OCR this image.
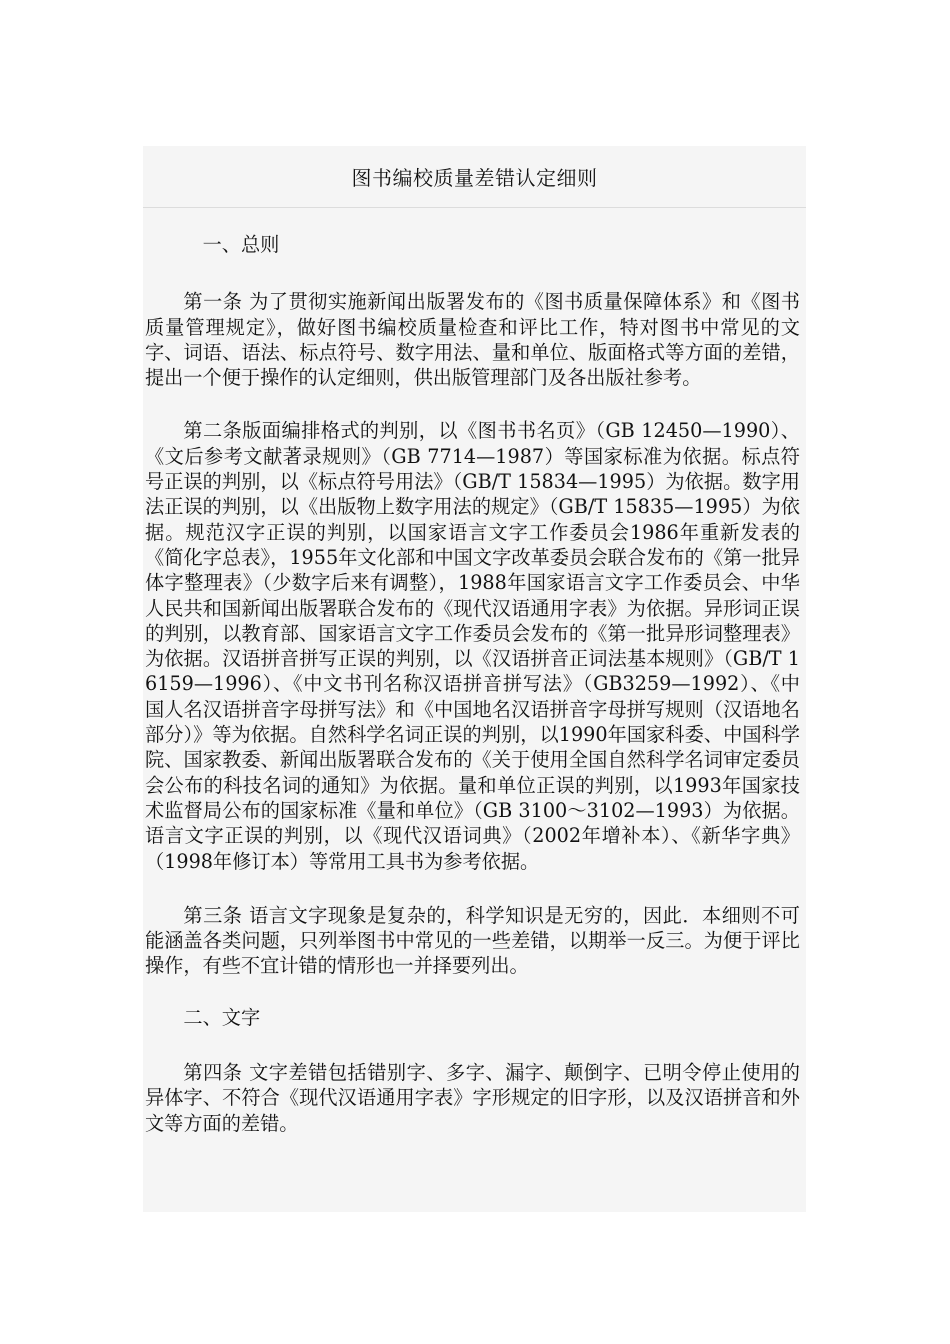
图书编校质量差错认定细则

一、总则

第一条 为了贯彻实施新闻出版署发布的《图书质量保障体系》和《图书质量管理规定》，做好图书编校质量检查和评比工作，特对图书中常见的文字、词语、语法、标点符号、数字用法、量和单位、版面格式等方面的差错，提出一个便于操作的认定细则，供出版管理部门及各出版社参考。

第二条版面编排格式的判别，以《图书书名页》（GB 12450—1990）、《文后参考文献著录规则》（GB 7714—1987）等国家标准为依据。标点符号正误的判别，以《标点符号用法》（GB/T 15834—1995）为依据。数字用法正误的判别，以《出版物上数字用法的规定》（GB/T 15835—1995）为依据。规范汉字正误的判别，以国家语言文字工作委员会1986年重新发表的《简化字总表》，1955年文化部和中国文字改革委员会联合发布的《第一批异体字整理表》（少数字后来有调整），1988年国家语言文字工作委员会、中华人民共和国新闻出版署联合发布的《现代汉语通用字表》为依据。异形词正误的判别，以教育部、国家语言文字工作委员会发布的《第一批异形词整理表》为依据。汉语拼音拼写正误的判别，以《汉语拼音正词法基本规则》（GB/T 16159—1996）、《中文书刊名称汉语拼音拼写法》（GB3259—1992）、《中国人名汉语拼音字母拼写法》和《中国地名汉语拼音字母拼写规则（汉语地名部分）》等为依据。自然科学名词正误的判别，以1990年国家科委、中国科学院、国家教委、新闻出版署联合发布的《关于使用全国自然科学名词审定委员会公布的科技名词的通知》为依据。量和单位正误的判别，以1993年国家技术监督局公布的国家标准《量和单位》（GB 3100～3102—1993）为依据。语言文字正误的判别，以《现代汉语词典》（2002年增补本）、《新华字典》（1998年修订本）等常用工具书为参考依据。

第三条 语言文字现象是复杂的，科学知识是无穷的，因此．本细则不可能涵盖各类问题，只列举图书中常见的一些差错，以期举一反三。为便于评比操作，有些不宜计错的情形也一并择要列出。

二、文字

第四条 文字差错包括错别字、多字、漏字、颠倒字、已明令停止使用的异体字、不符合《现代汉语通用字表》字形规定的旧字形，以及汉语拼音和外文等方面的差错。
